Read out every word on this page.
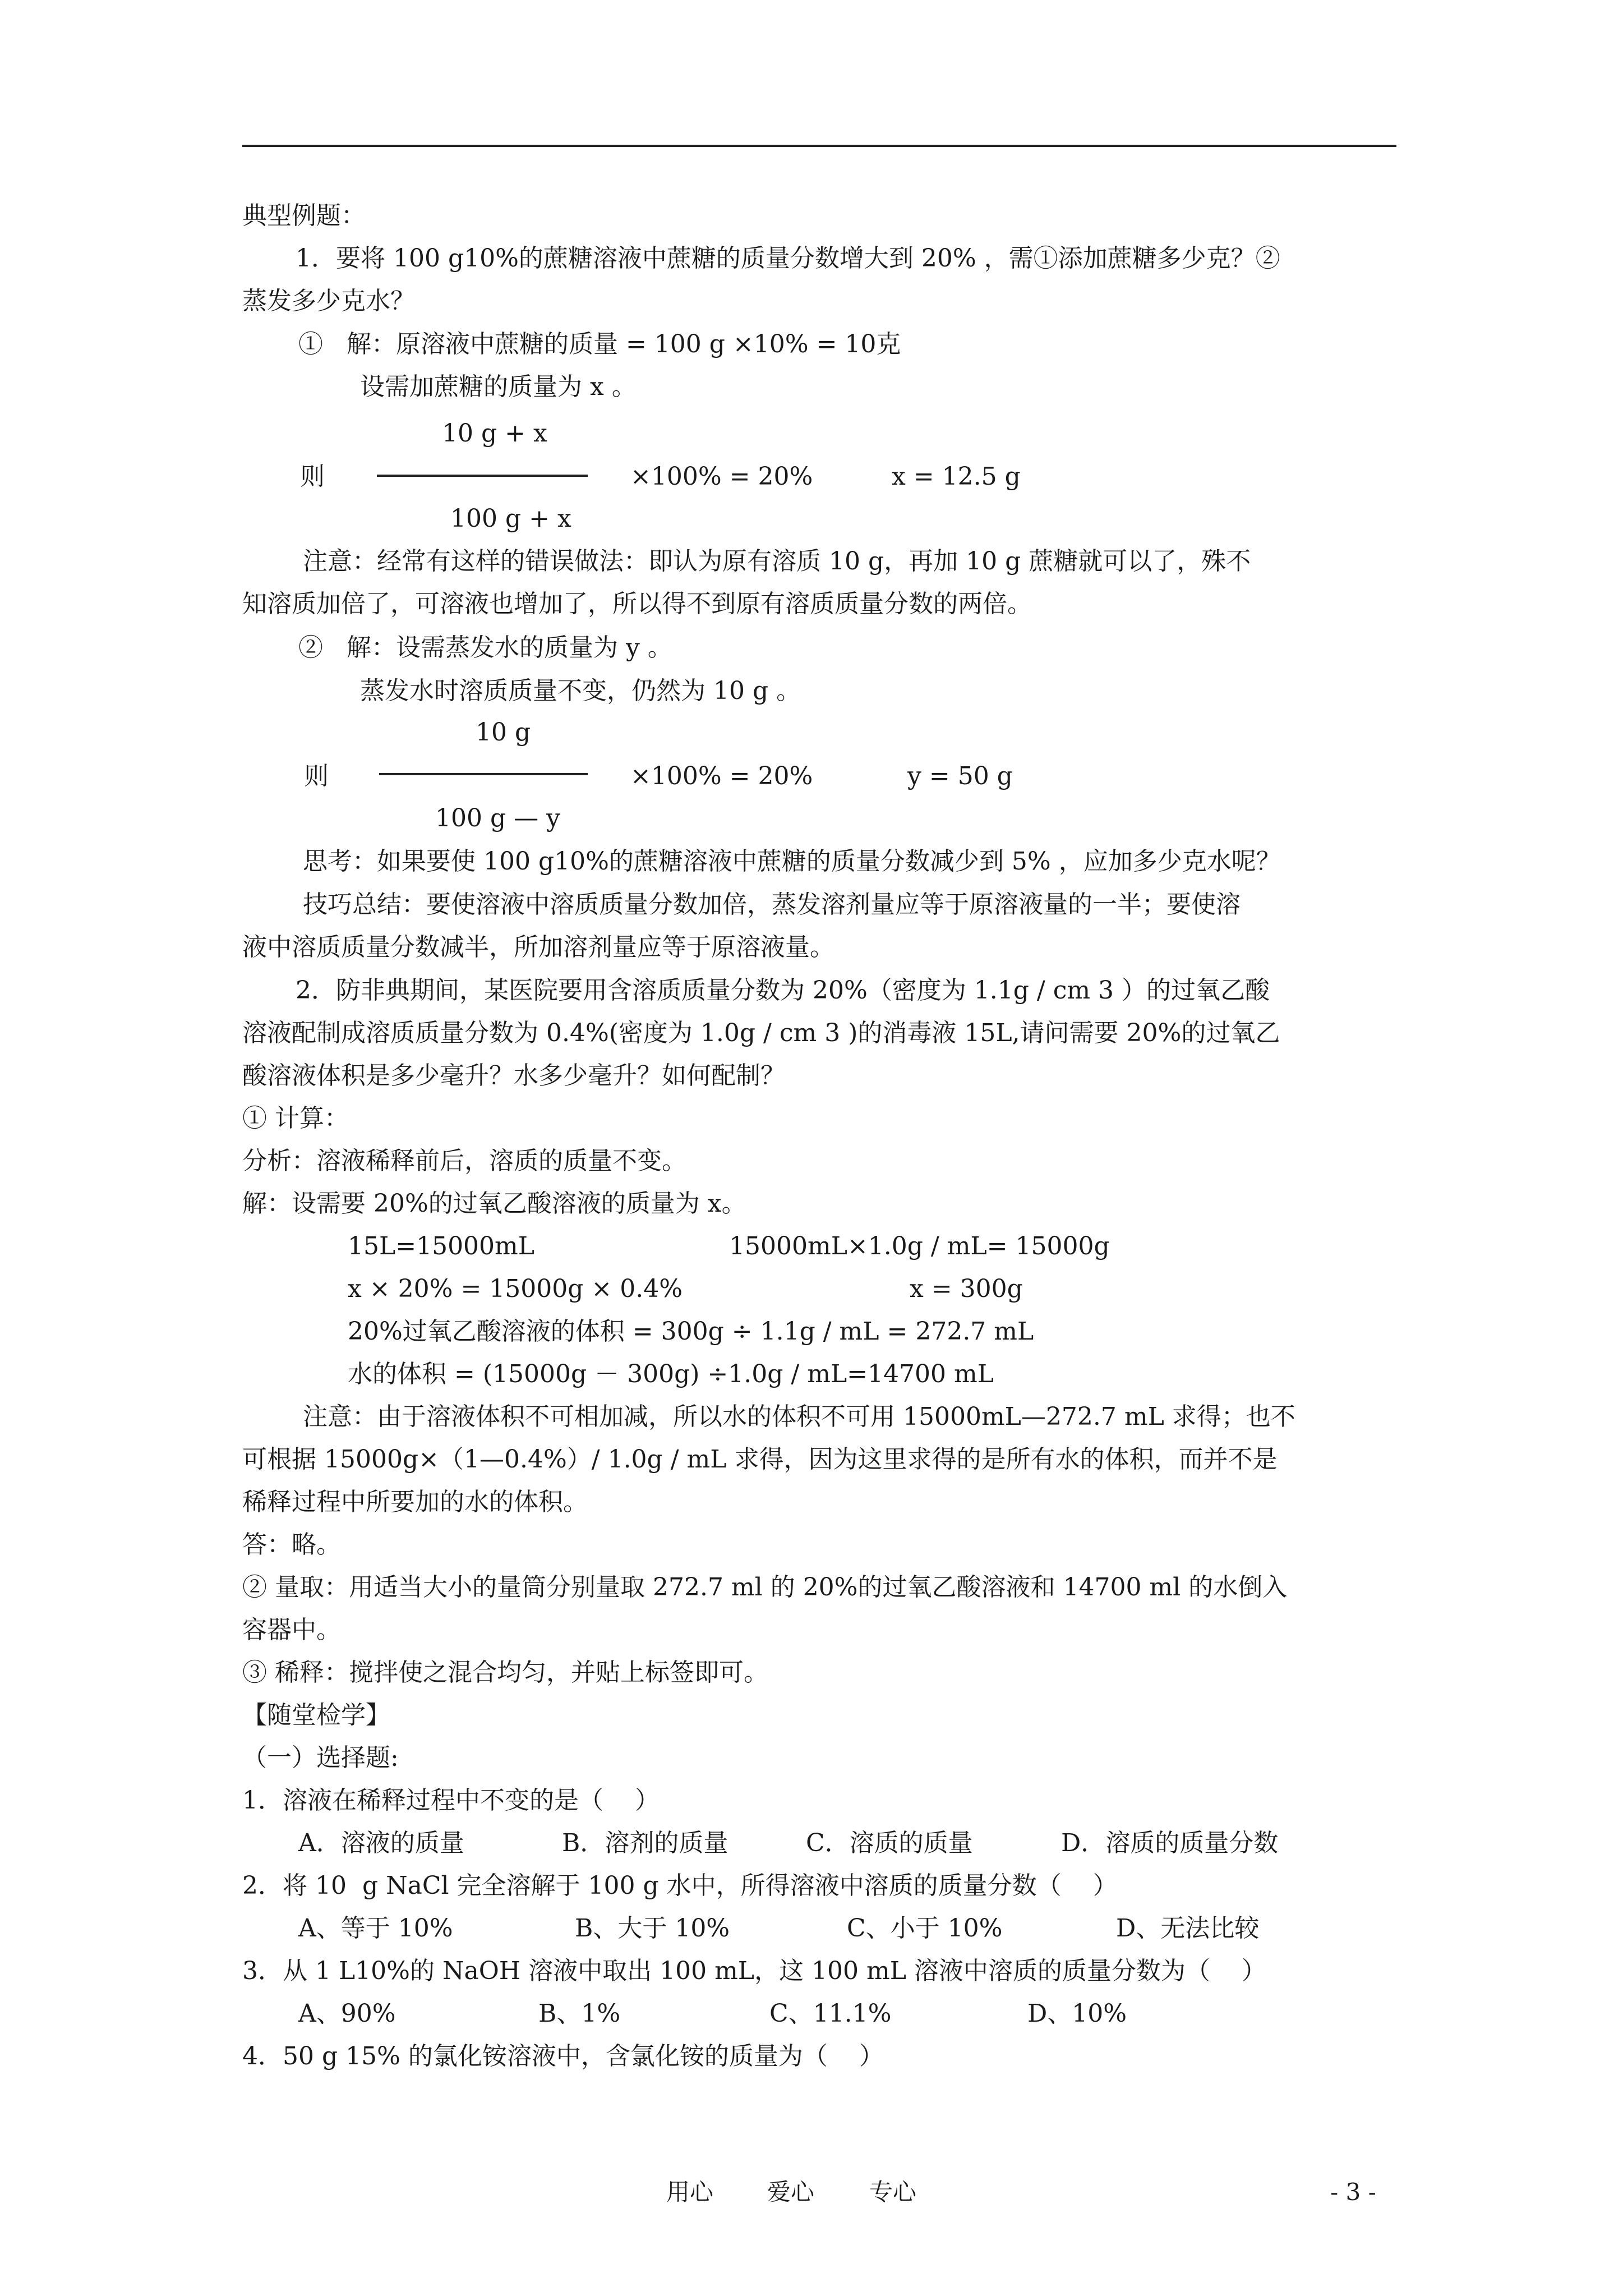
典型例题：
1．要将 100 g10%的蔗糖溶液中蔗糖的质量分数增大到 20% ，需①添加蔗糖多少克？②
蒸发多少克水？
①   解：原溶液中蔗糖的质量 = 100 g ×10% = 10克
设需加蔗糖的质量为 x 。
10 g + x
则	×100% = 20%	x = 12.5 g
100 g + x
注意：经常有这样的错误做法：即认为原有溶质 10 g，再加 10 g 蔗糖就可以了，殊不
知溶质加倍了，可溶液也增加了，所以得不到原有溶质质量分数的两倍。
②   解：设需蒸发水的质量为 y 。
蒸发水时溶质质量不变，仍然为 10 g 。
10 g
则	×100% = 20%	y = 50 g
100 g — y
思考：如果要使 100 g10%的蔗糖溶液中蔗糖的质量分数减少到 5% ，应加多少克水呢？
技巧总结：要使溶液中溶质质量分数加倍，蒸发溶剂量应等于原溶液量的一半；要使溶
液中溶质质量分数减半，所加溶剂量应等于原溶液量。
2．防非典期间，某医院要用含溶质质量分数为 20%（密度为 1.1g / cm 3 ）的过氧乙酸
溶液配制成溶质质量分数为 0.4%(密度为 1.0g / cm 3 )的消毒液 15L,请问需要 20%的过氧乙
酸溶液体积是多少毫升？水多少毫升？如何配制？
① 计算：
分析：溶液稀释前后，溶质的质量不变。
解：设需要 20%的过氧乙酸溶液的质量为 x。
15L=15000mL	15000mL×1.0g / mL= 15000g
x × 20% = 15000g × 0.4%	x = 300g
20%过氧乙酸溶液的体积 = 300g ÷ 1.1g / mL = 272.7 mL
水的体积 = (15000g － 300g) ÷1.0g / mL=14700 mL
注意：由于溶液体积不可相加减，所以水的体积不可用 15000mL—272.7 mL 求得；也不
可根据 15000g×（1—0.4%）/ 1.0g / mL 求得，因为这里求得的是所有水的体积，而并不是
稀释过程中所要加的水的体积。
答：略。
② 量取：用适当大小的量筒分别量取 272.7 ml 的 20%的过氧乙酸溶液和 14700 ml 的水倒入
容器中。
③ 稀释：搅拌使之混合均匀，并贴上标签即可。
【随堂检学】
（一）选择题:
1．溶液在稀释过程中不变的是（    ）
A．溶液的质量	B．溶剂的质量	C．溶质的质量	D．溶质的质量分数
2．将 10  g NaCl 完全溶解于 100 g 水中，所得溶液中溶质的质量分数（    ）
A、等于 10%	B、大于 10%	C、小于 10%	D、无法比较
3．从 1 L10%的 NaOH 溶液中取出 100 mL，这 100 mL 溶液中溶质的质量分数为（    ）
A、90%	B、1%	C、11.1%	D、10%
4．50 g 15% 的氯化铵溶液中，含氯化铵的质量为（    ）
用心 爱心 专心	- 3 -
